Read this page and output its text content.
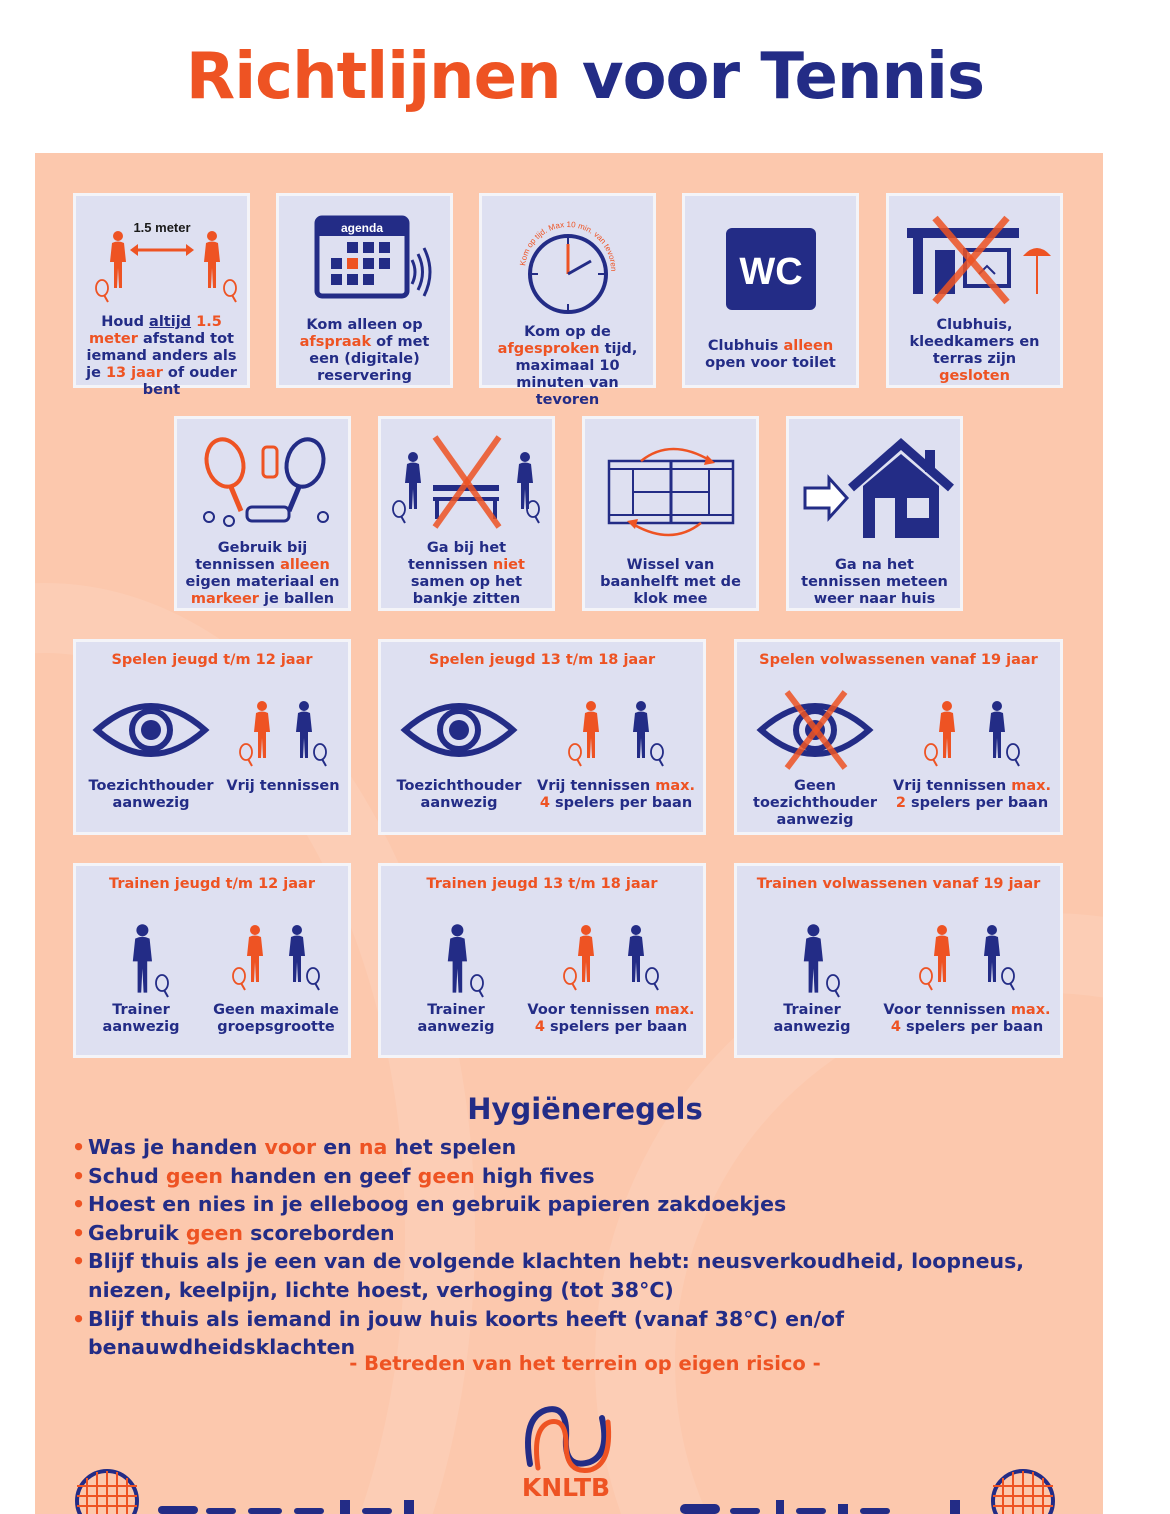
Richtlijnen voor Tennis
1.5 meter
Houd altijd 1.5 meter afstand tot iemand anders als je 13 jaar of ouder bent
agenda
Kom alleen op afspraak of met een (digitale) reservering
Kom op tijd. Max 10 min. van tevoren
Kom op de afgesproken tijd, maximaal 10 minuten van tevoren
WC
Clubhuis alleen open voor toilet
Clubhuis, kleedkamers en terras zijn gesloten
Gebruik bij tennissen alleen eigen materiaal en markeer je ballen
Ga bij het tennissen niet samen op het bankje zitten
Wissel van baanhelft met de klok mee
Ga na het tennissen meteen weer naar huis
Spelen jeugd t/m 12 jaar
Toezichthouder aanwezig
Vrij tennissen
Spelen jeugd 13 t/m 18 jaar
Toezichthouder aanwezig
Vrij tennissen max. 4 spelers per baan
Spelen volwassenen vanaf 19 jaar
Geen toezichthouder aanwezig
Vrij tennissen max. 2 spelers per baan
Trainen jeugd t/m 12 jaar
Trainer aanwezig
Geen maximale groepsgrootte
Trainen jeugd 13 t/m 18 jaar
Trainer aanwezig
Voor tennissen max. 4 spelers per baan
Trainen volwassenen vanaf 19 jaar
Trainer aanwezig
Voor tennissen max. 4 spelers per baan
Hygiëneregels
• Was je handen voor en na het spelen
• Schud geen handen en geef geen high fives
• Hoest en nies in je elleboog en gebruik papieren zakdoekjes
• Gebruik geen scoreborden
• Blijf thuis als je een van de volgende klachten hebt: neusverkoudheid, loopneus, niezen, keelpijn, lichte hoest, verhoging (tot 38°C)
• Blijf thuis als iemand in jouw huis koorts heeft (vanaf 38°C) en/of benauwdheidsklachten
- Betreden van het terrein op eigen risico -
KNLTB
